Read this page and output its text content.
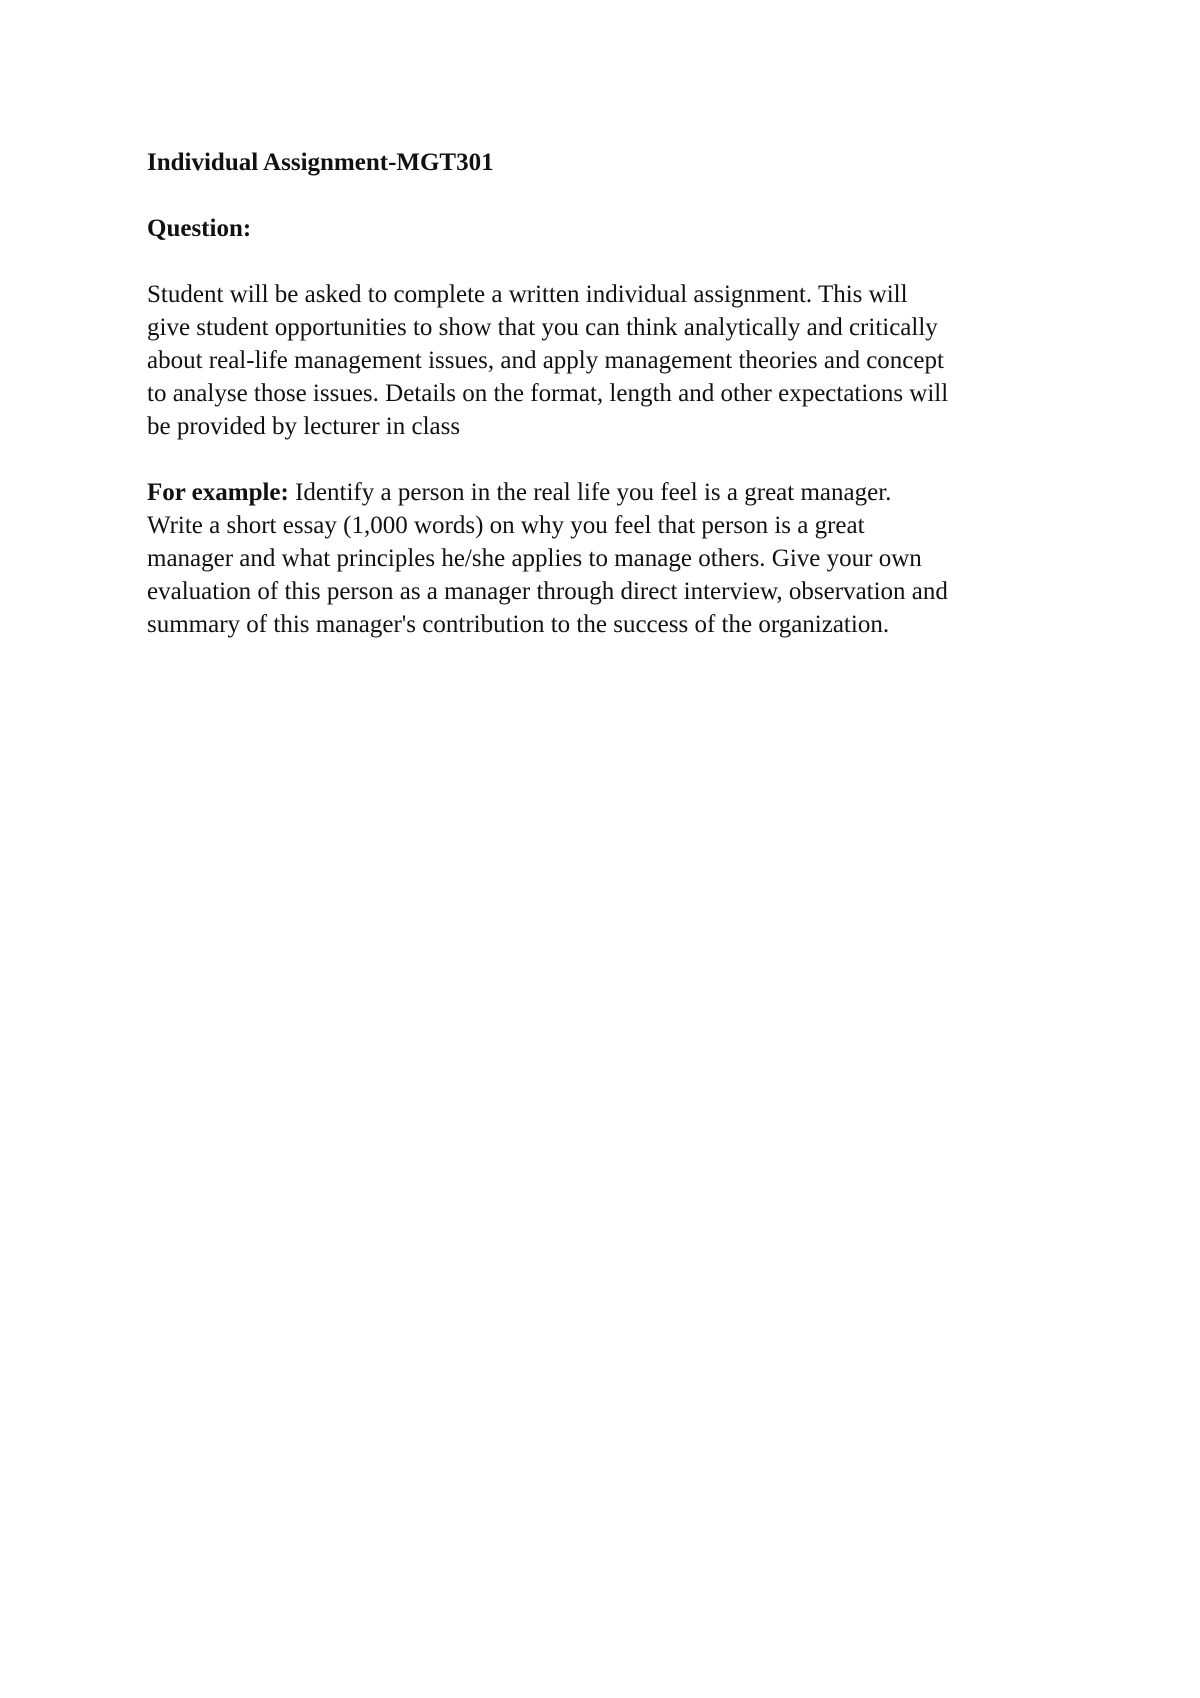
Individual Assignment-MGT301
Question:
Student will be asked to complete a written individual assignment. This will
give student opportunities to show that you can think analytically and critically
about real-life management issues, and apply management theories and concept
to analyse those issues. Details on the format, length and other expectations will
be provided by lecturer in class
For example: Identify a person in the real life you feel is a great manager.
Write a short essay (1,000 words) on why you feel that person is a great
manager and what principles he/she applies to manage others. Give your own
evaluation of this person as a manager through direct interview, observation and
summary of this manager's contribution to the success of the organization.
